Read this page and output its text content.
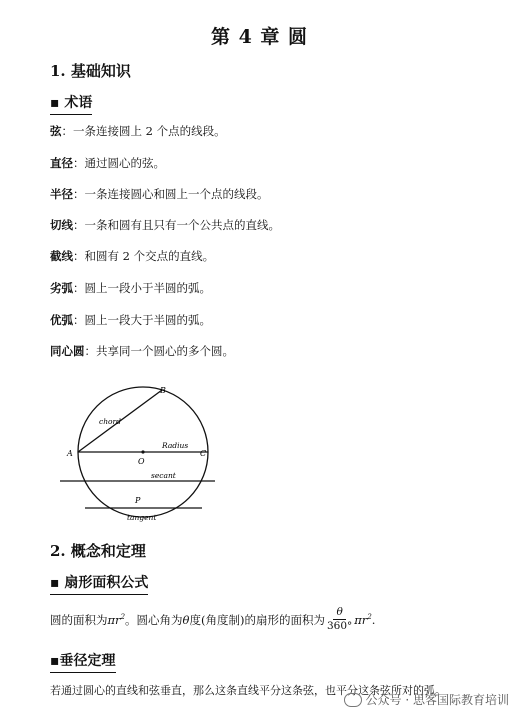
第 4 章 圆
1. 基础知识
▪ 术语
弦：一条连接圆上 2 个点的线段。
直径：通过圆心的弦。
半径：一条连接圆心和圆上一个点的线段。
切线：一条和圆有且只有一个公共点的直线。
截线：和圆有 2 个交点的直线。
劣弧：圆上一段小于半圆的弧。
优弧：圆上一段大于半圆的弧。
同心圆：共享同一个圆心的多个圆。
A
B
C
O
P
chord
Radius
secant
tangent
2. 概念和定理
▪ 扇形面积公式
圆的面积为 $\pi r^2$ 。圆心角为 θ 度(角度制)的扇形的面积为 $\frac{\theta}{360^\circ} \pi r^2$ .
▪垂径定理
若通过圆心的直线和弦垂直，那么这条直线平分这条弦，也平分这条弦所对的弧。
公众号 · 思客国际教育培训
